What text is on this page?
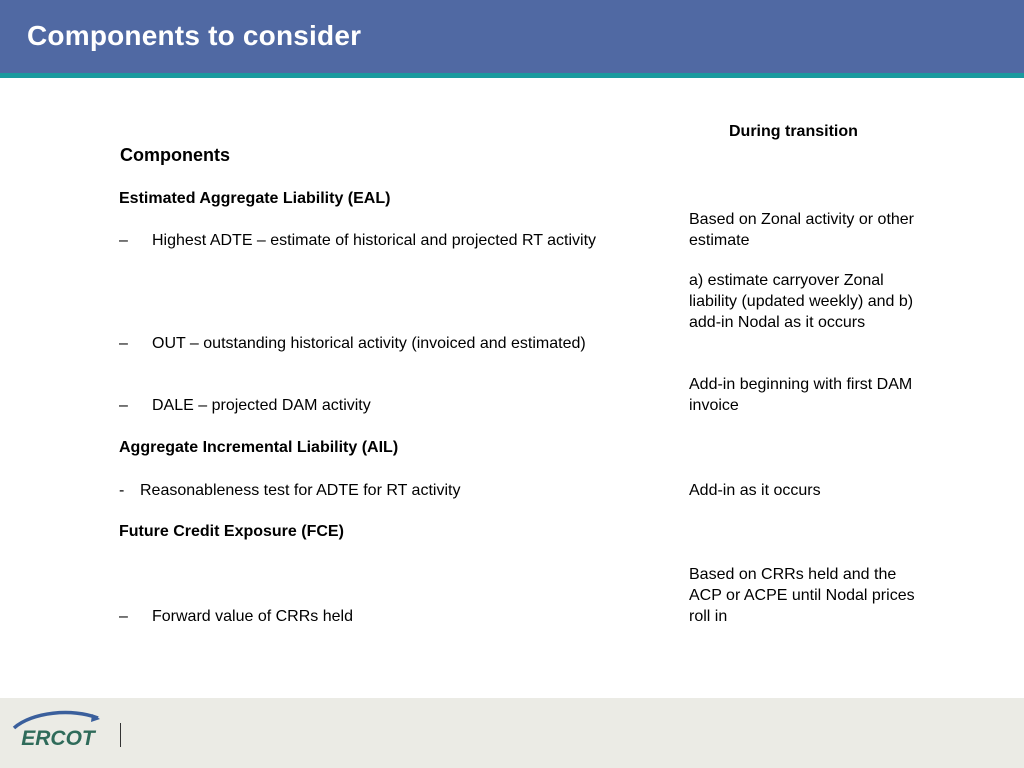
Components to consider
During transition
Components
Estimated Aggregate Liability (EAL)
Based on Zonal activity or other estimate
– Highest ADTE – estimate of historical and projected RT activity
a) estimate carryover Zonal liability (updated weekly) and b) add-in Nodal as it occurs
– OUT – outstanding historical activity (invoiced and estimated)
Add-in beginning with first DAM invoice
– DALE – projected DAM activity
Aggregate Incremental Liability (AIL)
- Reasonableness test for ADTE for RT activity	Add-in as it occurs
Future Credit Exposure (FCE)
Based on CRRs held and the ACP or ACPE until Nodal prices roll in
– Forward value of CRRs held
ERCOT
